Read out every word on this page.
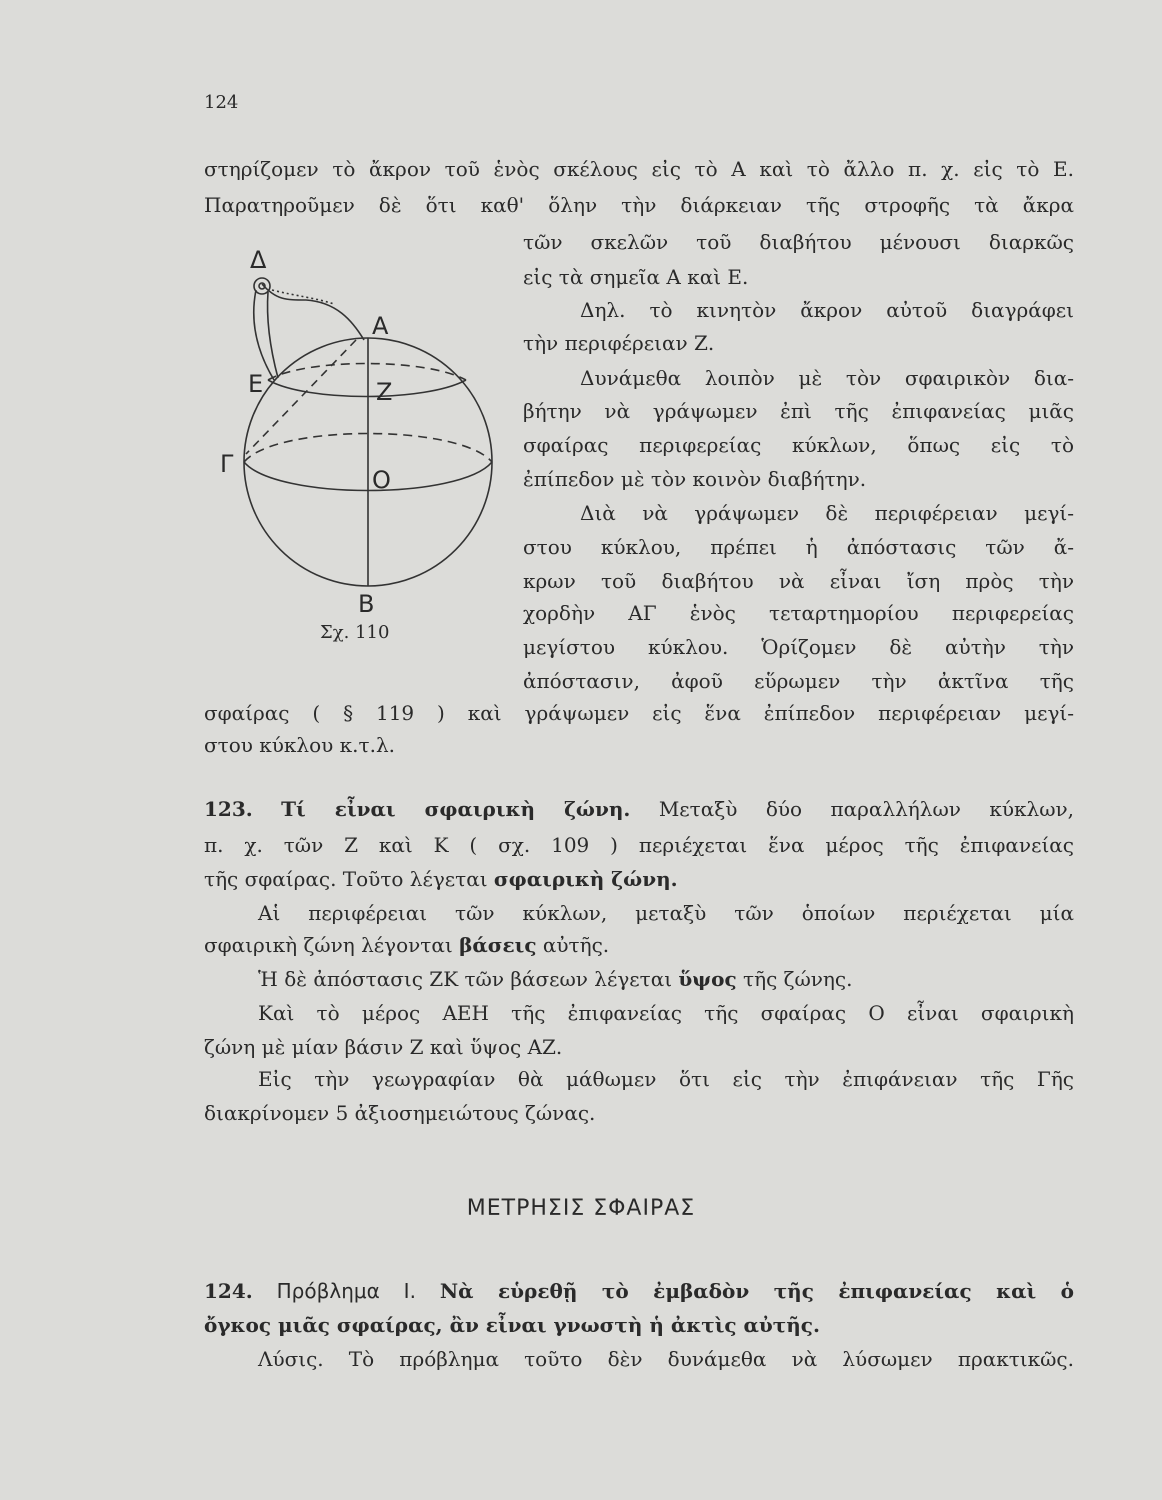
124
στηρίζομεν τὸ ἄκρον τοῦ ἑνὸς σκέλους εἰς τὸ Α καὶ τὸ ἄλλο π. χ. εἰς τὸ Ε.
Παρατηροῦμεν δὲ ὅτι καθ' ὅλην τὴν διάρκειαν τῆς στροφῆς τὰ ἄκρα
τῶν σκελῶν τοῦ διαβήτου μένουσι διαρκῶς
εἰς τὰ σημεῖα Α καὶ Ε.
Δηλ. τὸ κινητὸν ἄκρον αὐτοῦ διαγράφει
τὴν περιφέρειαν Ζ.
Δυνάμεθα λοιπὸν μὲ τὸν σφαιρικὸν δια-
βήτην νὰ γράψωμεν ἐπὶ τῆς ἐπιφανείας μιᾶς
σφαίρας περιφερείας κύκλων, ὅπως εἰς τὸ
ἐπίπεδον μὲ τὸν κοινὸν διαβήτην.
Διὰ νὰ γράψωμεν δὲ περιφέρειαν μεγί-
στου κύκλου, πρέπει ἡ ἀπόστασις τῶν ἄ-
κρων τοῦ διαβήτου νὰ εἶναι ἴση πρὸς τὴν
χορδὴν ΑΓ ἑνὸς τεταρτημορίου περιφερείας
μεγίστου κύκλου. Ὁρίζομεν δὲ αὐτὴν τὴν
ἀπόστασιν, ἀφοῦ εὕρωμεν τὴν ἀκτῖνα τῆς
σφαίρας ( § 119 ) καὶ γράψωμεν εἰς ἕνα ἐπίπεδον περιφέρειαν μεγί-
στου κύκλου κ.τ.λ.
123. Τί εἶναι σφαιρικὴ ζώνη. Μεταξὺ δύο παραλλήλων κύκλων,
π. χ. τῶν Ζ καὶ Κ ( σχ. 109 ) περιέχεται ἕνα μέρος τῆς ἐπιφανείας
τῆς σφαίρας. Τοῦτο λέγεται σφαιρικὴ ζώνη.
Αἱ περιφέρειαι τῶν κύκλων, μεταξὺ τῶν ὁποίων περιέχεται μία
σφαιρικὴ ζώνη λέγονται βάσεις αὐτῆς.
Ἡ δὲ ἀπόστασις ΖΚ τῶν βάσεων λέγεται ὕψος τῆς ζώνης.
Καὶ τὸ μέρος ΑΕΗ τῆς ἐπιφανείας τῆς σφαίρας Ο εἶναι σφαιρικὴ
ζώνη μὲ μίαν βάσιν Ζ καὶ ὕψος ΑΖ.
Εἰς τὴν γεωγραφίαν θὰ μάθωμεν ὅτι εἰς τὴν ἐπιφάνειαν τῆς Γῆς
διακρίνομεν 5 ἀξιοσημειώτους ζώνας.
ΜΕΤΡΗΣΙΣ ΣΦΑΙΡΑΣ
124. Πρόβλημα Ι. Νὰ εὑρεθῇ τὸ ἐμβαδὸν τῆς ἐπιφανείας καὶ ὁ
ὄγκος μιᾶς σφαίρας, ἂν εἶναι γνωστὴ ἡ ἀκτὶς αὐτῆς.
Λύσις. Τὸ πρόβλημα τοῦτο δὲν δυνάμεθα νὰ λύσωμεν πρακτικῶς.
Δ
Α
Ε	Ζ
Γ
Ο
Β
Σχ. 110
